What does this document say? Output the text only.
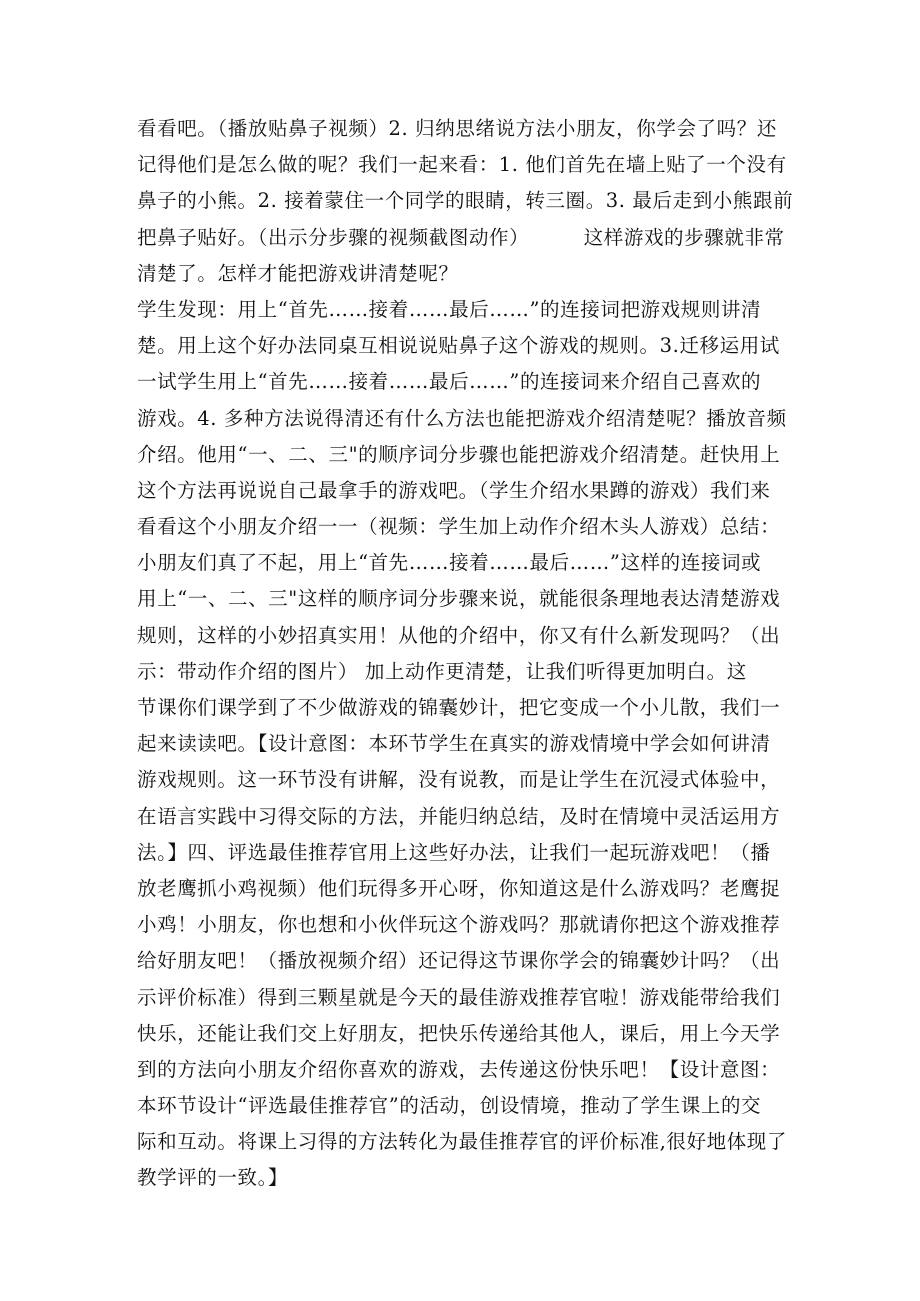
看看吧。（播放贴鼻子视频）2. 归纳思绪说方法小朋友，你学会了吗？还
记得他们是怎么做的呢？我们一起来看：1. 他们首先在墙上贴了一个没有
鼻子的小熊。2. 接着蒙住一个同学的眼睛，转三圈。3. 最后走到小熊跟前
把鼻子贴好。（出示分步骤的视频截图动作）        这样游戏的步骤就非常
清楚了。怎样才能把游戏讲清楚呢？
学生发现：用上“首先……接着……最后……”的连接词把游戏规则讲清
楚。用上这个好办法同桌互相说说贴鼻子这个游戏的规则。3.迁移运用试
一试学生用上“首先……接着……最后……”的连接词来介绍自己喜欢的
游戏。4. 多种方法说得清还有什么方法也能把游戏介绍清楚呢？播放音频
介绍。他用“一、二、三"的顺序词分步骤也能把游戏介绍清楚。赶快用上
这个方法再说说自己最拿手的游戏吧。（学生介绍水果蹲的游戏）我们来
看看这个小朋友介绍一一（视频：学生加上动作介绍木头人游戏）总结：
小朋友们真了不起，用上“首先……接着……最后……”这样的连接词或
用上“一、二、三"这样的顺序词分步骤来说，就能很条理地表达清楚游戏
规则，这样的小妙招真实用！从他的介绍中，你又有什么新发现吗？（出
示：带动作介绍的图片） 加上动作更清楚，让我们听得更加明白。这
节课你们课学到了不少做游戏的锦囊妙计，把它变成一个小儿散，我们一
起来读读吧。【设计意图：本环节学生在真实的游戏情境中学会如何讲清
游戏规则。这一环节没有讲解，没有说教，而是让学生在沉浸式体验中，
在语言实践中习得交际的方法，并能归纳总结，及时在情境中灵活运用方
法。】四、评选最佳推荐官用上这些好办法，让我们一起玩游戏吧！（播
放老鹰抓小鸡视频）他们玩得多开心呀，你知道这是什么游戏吗？老鹰捉
小鸡！小朋友，你也想和小伙伴玩这个游戏吗？那就请你把这个游戏推荐
给好朋友吧！（播放视频介绍）还记得这节课你学会的锦囊妙计吗？（出
示评价标准）得到三颗星就是今天的最佳游戏推荐官啦！游戏能带给我们
快乐，还能让我们交上好朋友，把快乐传递给其他人，课后，用上今天学
到的方法向小朋友介绍你喜欢的游戏，去传递这份快乐吧！【设计意图：
本环节设计“评选最佳推荐官”的活动，创设情境，推动了学生课上的交
际和互动。将课上习得的方法转化为最佳推荐官的评价标准,很好地体现了
教学评的一致。】
